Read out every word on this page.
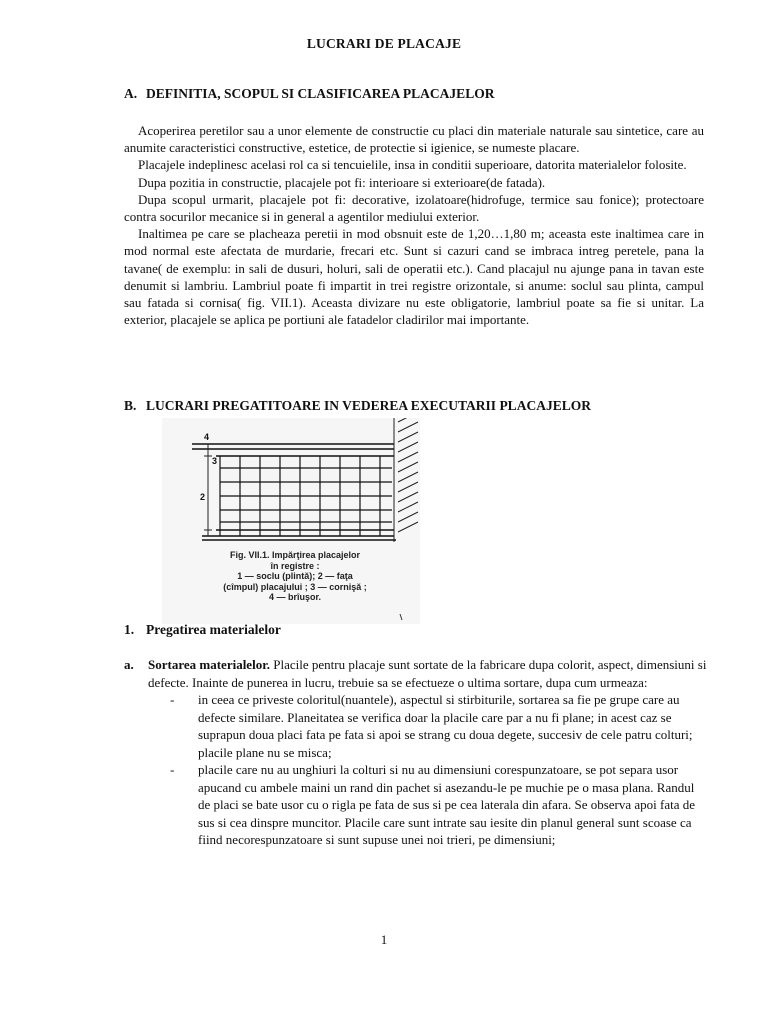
LUCRARI DE PLACAJE
A. DEFINITIA, SCOPUL SI CLASIFICAREA PLACAJELOR

Acoperirea peretilor sau a unor elemente de constructie cu placi din materiale naturale sau sintetice, care au anumite caracteristici constructive, estetice, de protectie si igienice, se numeste placare.

Placajele indeplinesc acelasi rol ca si tencuielile, insa in conditii superioare, datorita materialelor folosite.

Dupa pozitia in constructie, placajele pot fi: interioare si exterioare(de fatada).

Dupa scopul urmarit, placajele pot fi: decorative, izolatoare(hidrofuge, termice sau fonice); protectoare contra socurilor mecanice si in general a agentilor mediului exterior.

Inaltimea pe care se placheaza peretii in mod obsnuit este de 1,20…1,80 m; aceasta este inaltimea care in mod normal este afectata de murdarie, frecari etc. Sunt si cazuri cand se imbraca intreg peretele, pana la tavane( de exemplu: in sali de dusuri, holuri, sali de operatii etc.). Cand placajul nu ajunge pana in tavan este denumit si lambriu. Lambriul poate fi impartit in trei registre orizontale, si anume: soclul sau plinta, campul sau fatada si cornisa( fig. VII.1). Aceasta divizare nu este obligatorie, lambriul poate sa fie si unitar. La exterior, placajele se aplica pe portiuni ale fatadelor cladirilor mai importante.

B. LUCRARI PREGATITOARE IN VEDEREA EXECUTARII PLACAJELOR
4
3
2
Fig. VII.1. Impărţirea placajelor
în registre :
1 — soclu (plintă); 2 — faţa
(cîmpul) placajului ; 3 — cornişă ;
4 — brîuşor.
1. Pregatirea materialelor
a. Sortarea materialelor. Placile pentru placaje sunt sortate de la fabricare dupa colorit, aspect, dimensiuni si defecte. Inainte de punerea in lucru, trebuie sa se efectueze o ultima sortare, dupa cum urmeaza:
- in ceea ce priveste coloritul(nuantele), aspectul si stirbiturile, sortarea sa fie pe grupe care au defecte similare. Planeitatea se verifica doar la placile care par a nu fi plane; in acest caz se suprapun doua placi fata pe fata si apoi se strang cu doua degete, succesiv de cele patru colturi; placile plane nu se misca;
- placile care nu au unghiuri la colturi si nu au dimensiuni corespunzatoare, se pot separa usor apucand cu ambele maini un rand din pachet si asezandu-le pe muchie pe o masa plana. Randul de placi se bate usor cu o rigla pe fata de sus si pe cea laterala din afara. Se observa apoi fata de sus si cea dinspre muncitor. Placile care sunt intrate sau iesite din planul general sunt scoase ca fiind necorespunzatoare si sunt supuse unei noi trieri, pe dimensiuni;
1
